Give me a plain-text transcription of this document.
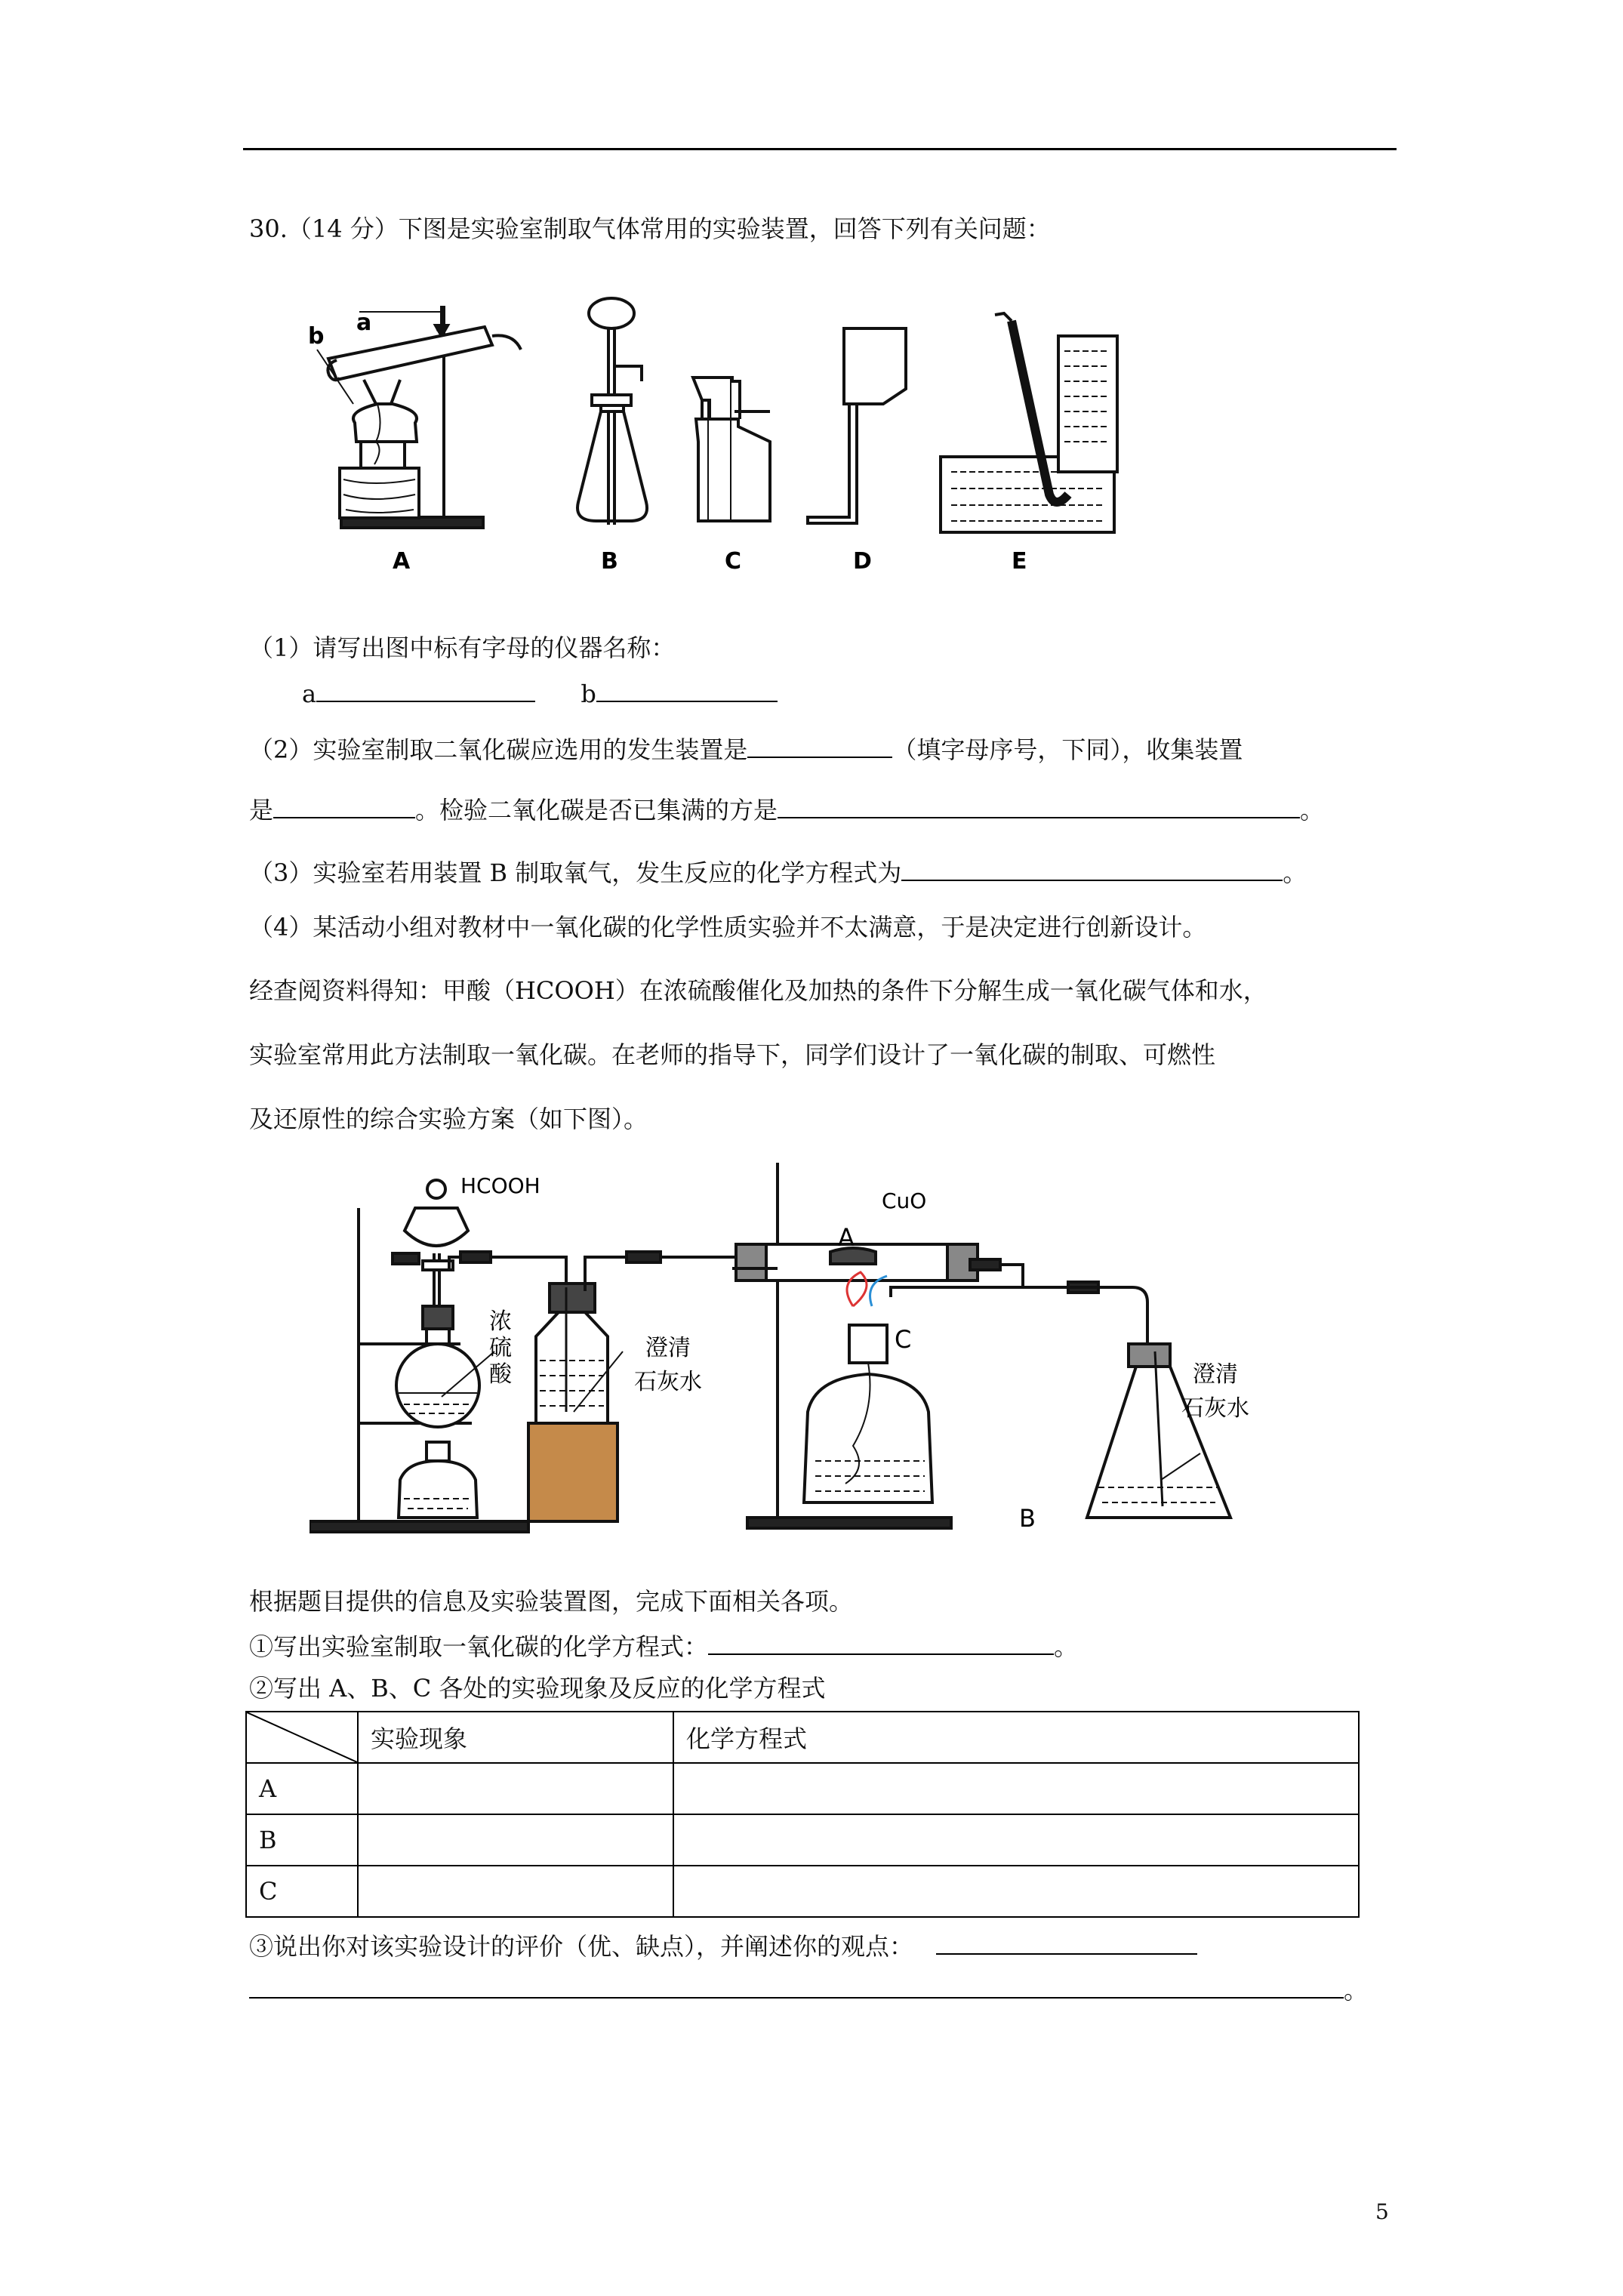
30.（14 分）下图是实验室制取气体常用的实验装置，回答下列有关问题：
a
b
A	B	C	D	E
（1）请写出图中标有字母的仪器名称：
a	b
（2）实验室制取二氧化碳应选用的发生装置是	（填字母序号，下同），收集装置
是	。检验二氧化碳是否已集满的方是	。
（3）实验室若用装置 B 制取氧气，发生反应的化学方程式为	。
（4）某活动小组对教材中一氧化碳的化学性质实验并不太满意，于是决定进行创新设计。
经查阅资料得知：甲酸（HCOOH）在浓硫酸催化及加热的条件下分解生成一氧化碳气体和水，
实验室常用此方法制取一氧化碳。在老师的指导下，同学们设计了一氧化碳的制取、可燃性
及还原性的综合实验方案（如下图）。
HCOOH
CuO
A
C
B
浓
硫
酸
澄清
石灰水	澄清
石灰水
根据题目提供的信息及实验装置图，完成下面相关各项。
①写出实验室制取一氧化碳的化学方程式：	。
②写出 A、B、C 各处的实验现象及反应的化学方程式
	实验现象	化学方程式
A		
B		
C		
③说出你对该实验设计的评价（优、缺点），并阐述你的观点：
。
5
